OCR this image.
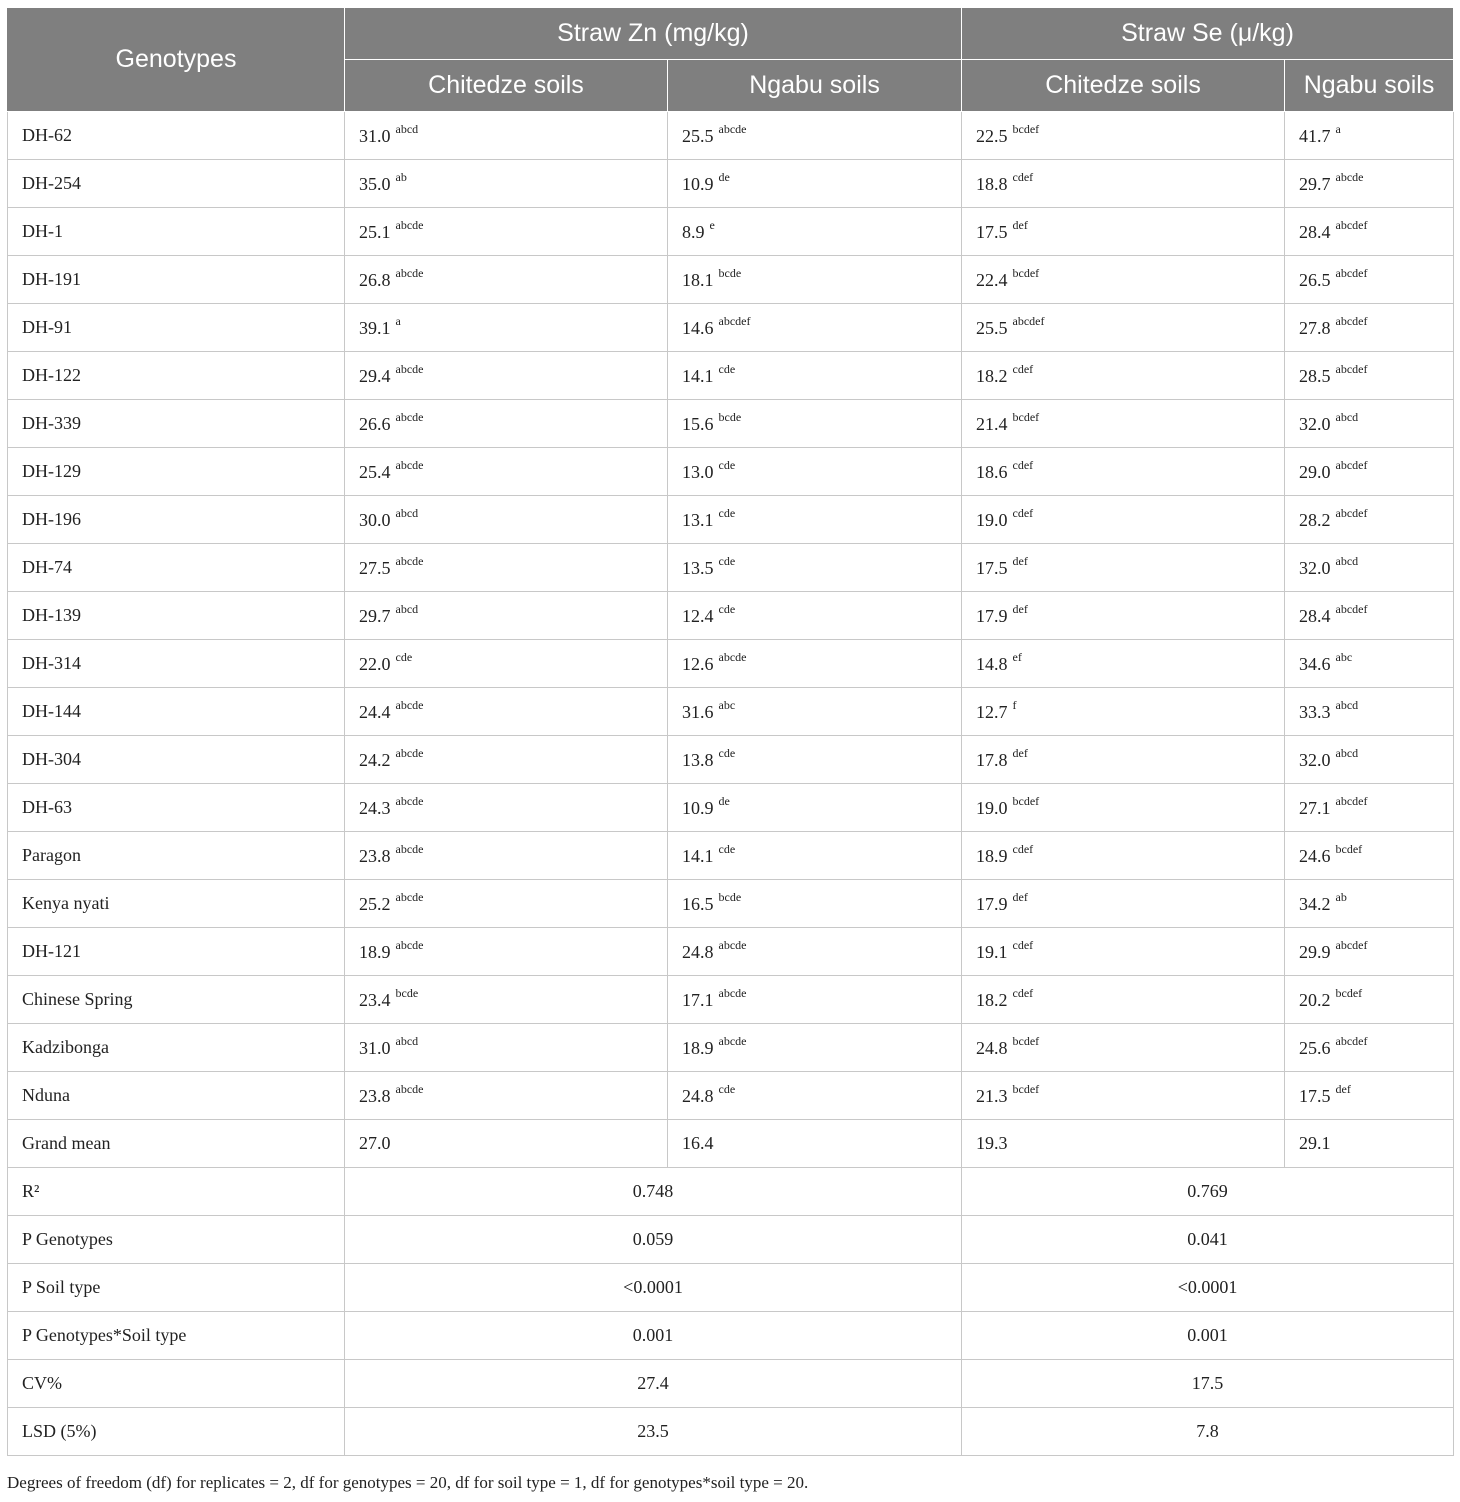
Genotypes	Straw Zn (mg/kg)		Straw Se (μ/kg)	
	Chitedze soils	Ngabu soils	Chitedze soils	Ngabu soils
DH-62	31.0 $^{abcd}$	25.5 $^{abcde}$	22.5 $^{bcdef}$	41.7 $^a$
DH-254	35.0 $^{ab}$	10.9 $^{de}$	18.8 $^{cdef}$	29.7 $^{abcde}$
DH-1	25.1 $^{abcde}$	8.9 $^e$	17.5 $^{def}$	28.4 $^{abcdef}$
DH-191	26.8 $^{abcde}$	18.1 $^{bcde}$	22.4 $^{bcdef}$	26.5 $^{abcdef}$
DH-91	39.1 $^a$	14.6 $^{abcdef}$	25.5 $^{abcdef}$	27.8 $^{abcdef}$
DH-122	29.4 $^{abcde}$	14.1 $^{cde}$	18.2 $^{cdef}$	28.5 $^{abcdef}$
DH-339	26.6 $^{abcde}$	15.6 $^{bcde}$	21.4 $^{bcdef}$	32.0 $^{abcd}$
DH-129	25.4 $^{abcde}$	13.0 $^{cde}$	18.6 $^{cdef}$	29.0 $^{abcdef}$
DH-196	30.0 $^{abcd}$	13.1 $^{cde}$	19.0 $^{cdef}$	28.2 $^{abcdef}$
DH-74	27.5 $^{abcde}$	13.5 $^{cde}$	17.5 $^{def}$	32.0 $^{abcd}$
DH-139	29.7 $^{abcd}$	12.4 $^{cde}$	17.9 $^{def}$	28.4 $^{abcdef}$
DH-314	22.0 $^{cde}$	12.6 $^{abcde}$	14.8 $^{ef}$	34.6 $^{abc}$
DH-144	24.4 $^{abcde}$	31.6 $^{abc}$	12.7 $^f$	33.3 $^{abcd}$
DH-304	24.2 $^{abcde}$	13.8 $^{cde}$	17.8 $^{def}$	32.0 $^{abcd}$
DH-63	24.3 $^{abcde}$	10.9 $^{de}$	19.0 $^{bcdef}$	27.1 $^{abcdef}$
Paragon	23.8 $^{abcde}$	14.1 $^{cde}$	18.9 $^{cdef}$	24.6 $^{bcdef}$
Kenya nyati	25.2 $^{abcde}$	16.5 $^{bcde}$	17.9 $^{def}$	34.2 $^{ab}$
DH-121	18.9 $^{abcde}$	24.8 $^{abcde}$	19.1 $^{cdef}$	29.9 $^{abcdef}$
Chinese Spring	23.4 $^{bcde}$	17.1 $^{abcde}$	18.2 $^{cdef}$	20.2 $^{bcdef}$
Kadzibonga	31.0 $^{abcd}$	18.9 $^{abcde}$	24.8 $^{bcdef}$	25.6 $^{abcdef}$
Nduna	23.8 $^{abcde}$	24.8 $^{cde}$	21.3 $^{bcdef}$	17.5 $^{def}$
Grand mean	27.0	16.4	19.3	29.1
R²	0.748		0.769	
P Genotypes	0.059		0.041	
P Soil type	<0.0001		<0.0001	
P Genotypes*Soil type	0.001		0.001	
CV%	27.4		17.5	
LSD (5%)	23.5		7.8	
Degrees of freedom (df) for replicates = 2, df for genotypes = 20, df for soil type = 1, df for genotypes*soil type = 20.
